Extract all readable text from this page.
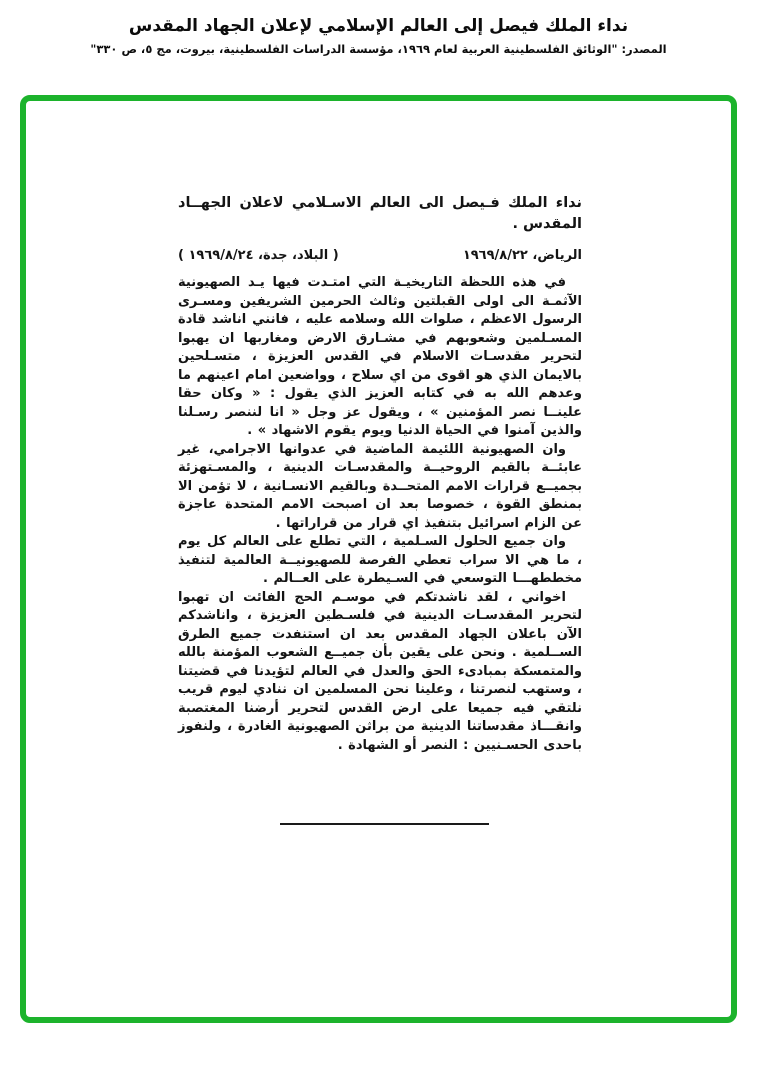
نداء الملك فيصل إلى العالم الإسلامي لإعلان الجهاد المقدس
المصدر: "الوثائق الفلسطينية العربية لعام ١٩٦٩، مؤسسة الدراسات الفلسطينية، بيروت، مج ٥، ص ٣٣٠"
نداء الملك فـيصل الى العالم الاسـلامي لاعلان الجهــاد المقدس .
الرياض، ١٩٦٩/٨/٢٢
( البلاد، جدة، ١٩٦٩/٨/٢٤ )

في هذه اللحظة التاريخيـة التي امتـدت فيها يـد الصهيونية الآثمـة الى اولى القبلتين وثالث الحرمين الشريفين ومسـرى الرسول الاعظم ، صلوات الله وسلامه عليه ، فانني اناشد قادة المسـلمين وشعوبهم في مشـارق الارض ومغاربها ان يهبوا لتحرير مقدسـات الاسلام في القدس العزيزة ، متسـلحين بالايمان الذي هو اقوى من اي سلاح ، وواضعين امام اعينهم ما وعدهم الله به في كتابه العزيز الذي يقول : « وكان حقا علينــا نصر المؤمنين » ، ويقول عز وجل « انا لننصر رسـلنا والذين آمنوا في الحياة الدنيا ويوم يقوم الاشهاد » .

وان الصهيونية اللئيمة الماضية في عدوانها الاجرامي، غير عابئــة بالقيم الروحيــة والمقدسـات الدينية ، والمسـتهزئة بجميــع قرارات الامم المتحــدة وبالقيم الانسـانية ، لا تؤمن الا بمنطق القوة ، خصوصا بعد ان اصبحت الامم المتحدة عاجزة عن الزام اسرائيل بتنفيذ اي قرار من قراراتها .

وان جميع الحلول السـلمية ، التي تطلع على العالم كل يوم ، ما هي الا سراب تعطي الفرصة للصهيونيــة العالمية لتنفيذ مخططهـــا التوسعي في السـيطرة على العــالم .

اخواني ، لقد ناشدتكم في موسـم الحج الفائت ان تهبوا لتحرير المقدسـات الدينية في فلسـطين العزيزة ، واناشدكم الآن باعلان الجهاد المقدس بعد ان استنفدت جميع الطرق الســلمية . ونحن على يقين بأن جميــع الشعوب المؤمنة بالله والمتمسكة بمبادىء الحق والعدل في العالم لتؤيدنا في قضيتنا ، وستهب لنصرتنا ، وعلينا نحن المسلمين ان ننادي ليوم قريب نلتقي فيه جميعا على ارض القدس لتحرير أرضنا المغتصبة وانقـــاذ مقدساتنا الدينية من براثن الصهيونية الغادرة ، ولنفوز باحدى الحسـنيين : النصر أو الشهادة .
